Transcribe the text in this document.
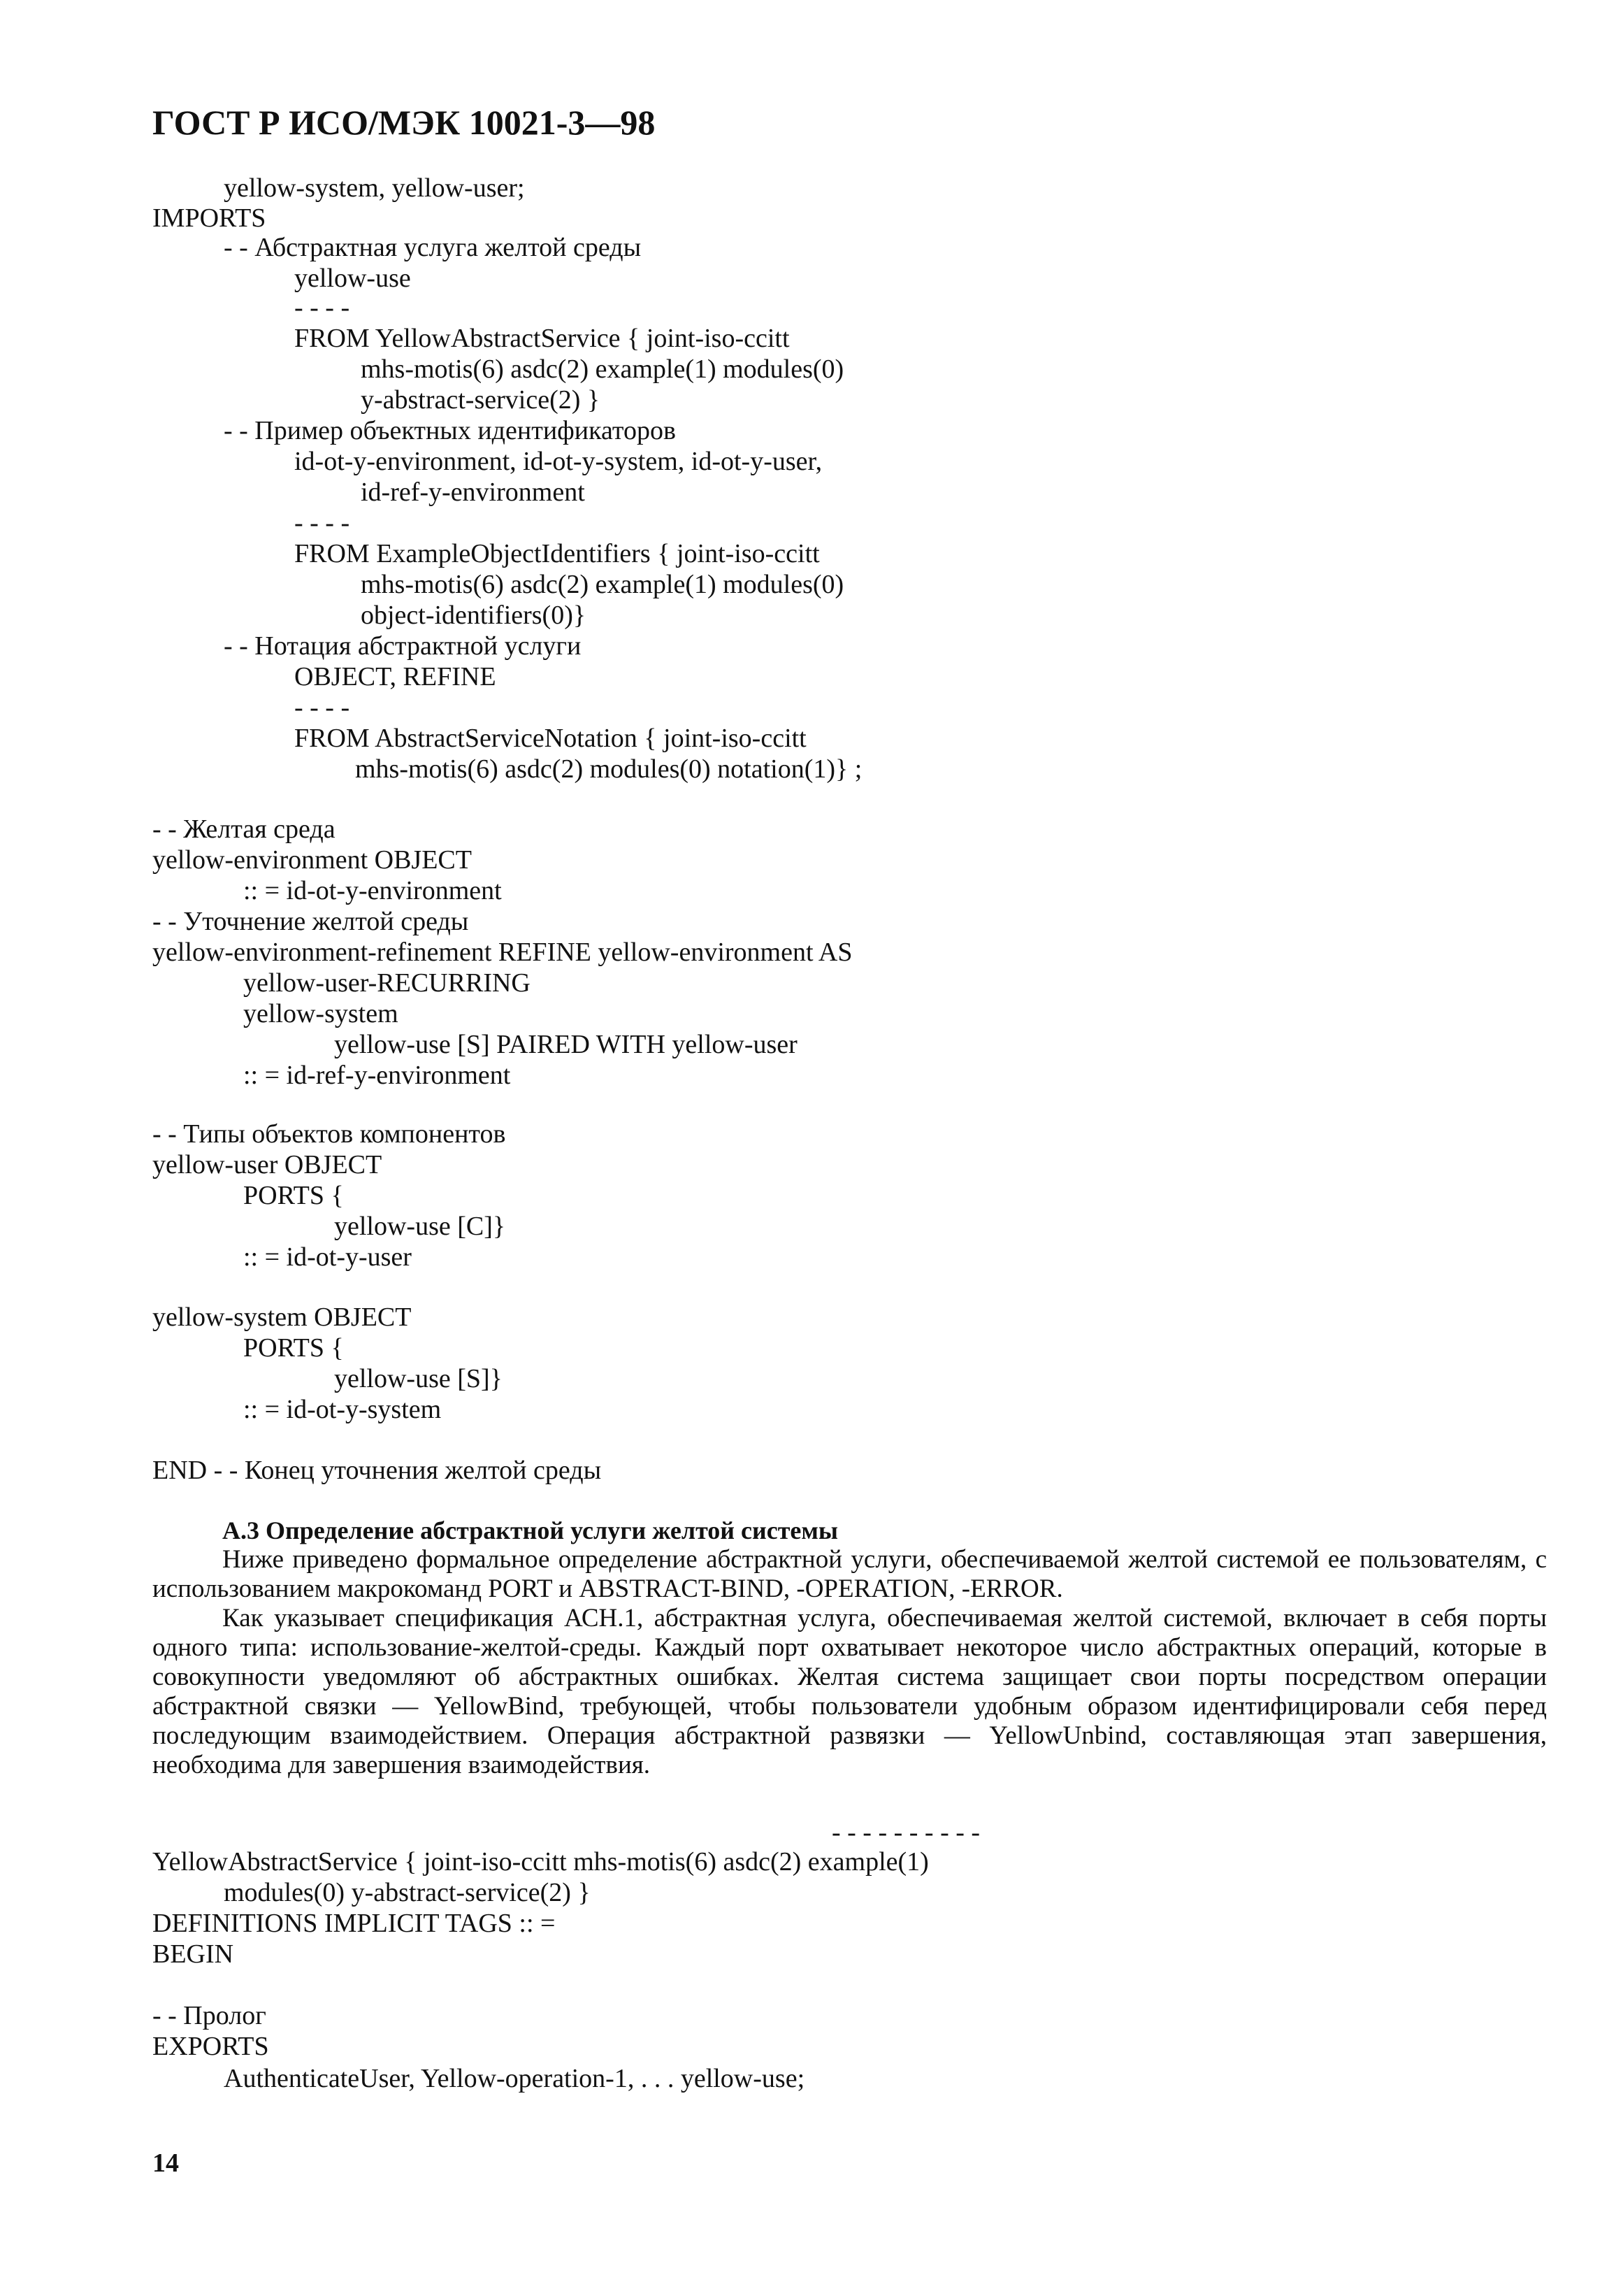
ГОСТ Р ИСО/МЭК 10021-3—98
yellow-system, yellow-user;
IMPORTS
- - Абстрактная услуга желтой среды
yellow-use
- - - -
FROM YellowAbstractService { joint-iso-ccitt
mhs-motis(6) asdc(2) example(1) modules(0)
y-abstract-service(2) }
- - Пример объектных идентификаторов
id-ot-y-environment, id-ot-y-system, id-ot-y-user,
id-ref-y-environment
- - - -
FROM ExampleObjectIdentifiers { joint-iso-ccitt
mhs-motis(6) asdc(2) example(1) modules(0)
object-identifiers(0)}
- - Нотация абстрактной услуги
OBJECT, REFINE
- - - -
FROM AbstractServiceNotation { joint-iso-ccitt
mhs-motis(6) asdc(2) modules(0) notation(1)} ;
- - Желтая среда
yellow-environment OBJECT
:: = id-ot-y-environment
- - Уточнение желтой среды
yellow-environment-refinement REFINE yellow-environment AS
yellow-user-RECURRING
yellow-system
yellow-use [S] PAIRED WITH yellow-user
:: = id-ref-y-environment
- - Типы объектов компонентов
yellow-user OBJECT
PORTS {
yellow-use [C]}
:: = id-ot-y-user
yellow-system OBJECT
PORTS {
yellow-use [S]}
:: = id-ot-y-system
END - - Конец уточнения желтой среды
А.3 Определение абстрактной услуги желтой системы

Ниже приведено формальное определение абстрактной услуги, обеспечиваемой желтой системой ее пользователям, с использованием макрокоманд PORT и ABSTRACT-BIND, -OPERATION, -ERROR.

Как указывает спецификация АСН.1, абстрактная услуга, обеспечиваемая желтой системой, включает в себя порты одного типа: использование-желтой-среды. Каждый порт охватывает некоторое число абстрактных операций, которые в совокупности уведомляют об абстрактных ошибках. Желтая система защищает свои порты посредством операции абстрактной связки — YellowBind, требующей, чтобы пользователи удобным образом идентифицировали себя перед последующим взаимодействием. Операция абстрактной развязки — YellowUnbind, составляющая этап завершения, необходима для завершения взаимодействия.

- - - - - - - - - -
YellowAbstractService { joint-iso-ccitt mhs-motis(6) asdc(2) example(1)
modules(0) y-abstract-service(2) }
DEFINITIONS IMPLICIT TAGS :: =
BEGIN
- - Пролог
EXPORTS
AuthenticateUser, Yellow-operation-1, . . . yellow-use;
14
